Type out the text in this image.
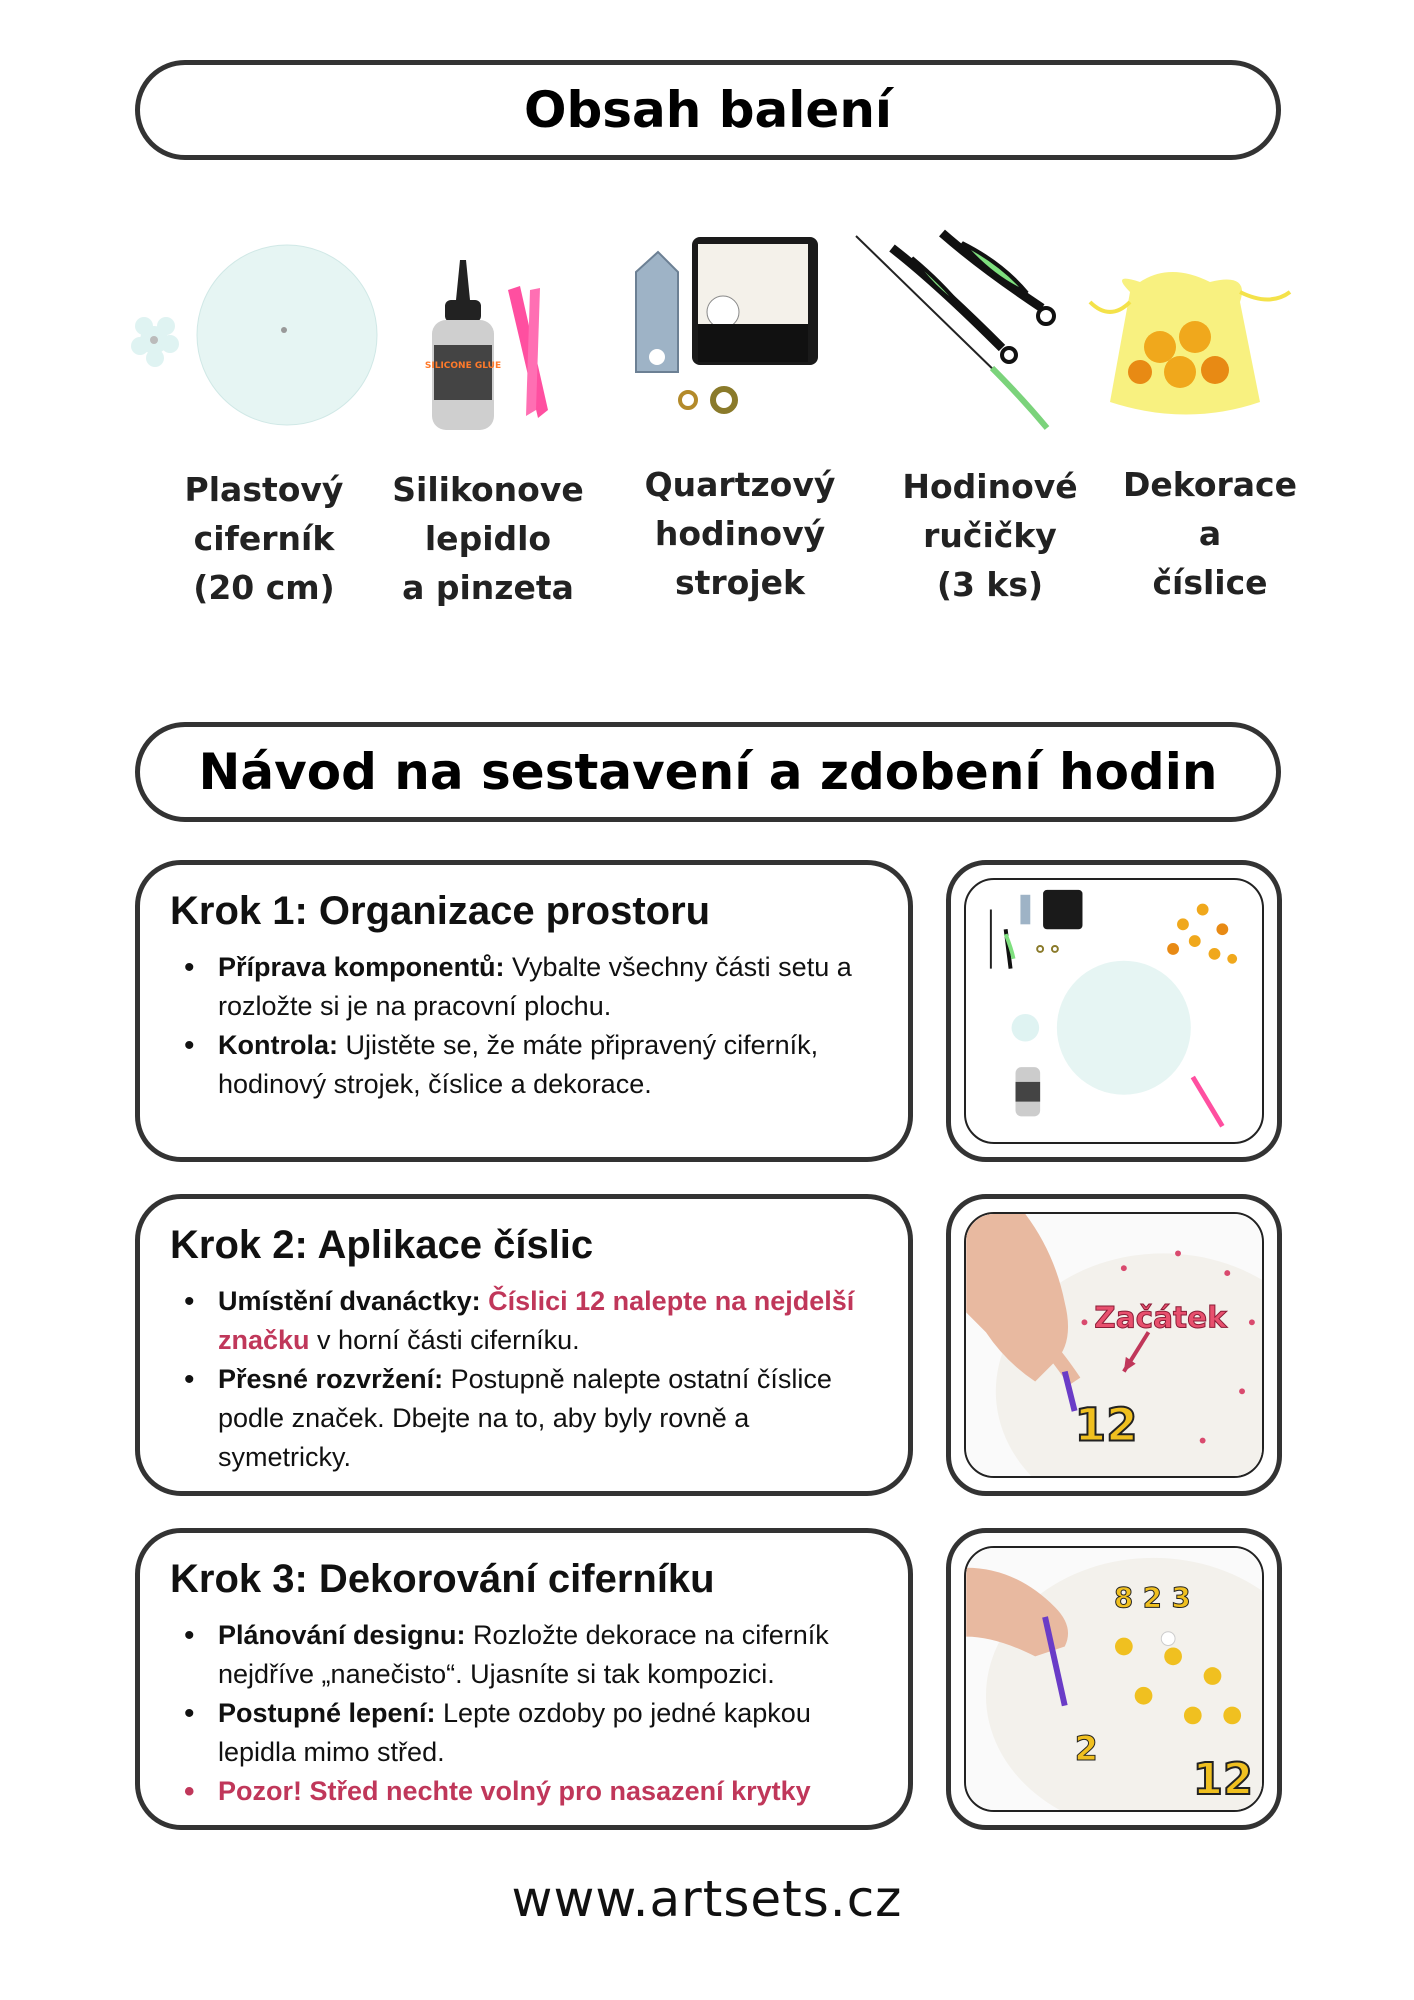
Obsah balení
SILICONE GLUE
Plastový
ciferník
(20 cm)
Silikonove
lepidlo
a pinzeta
Quartzový
hodinový
strojek
Hodinové
ručičky
(3 ks)
Dekorace
a
číslice
Návod na sestavení a zdobení hodin
Krok 1: Organizace prostoru
• Příprava komponentů: Vybalte všechny části setu a rozložte si je na pracovní plochu.
• Kontrola: Ujistěte se, že máte připravený ciferník, hodinový strojek, číslice a dekorace.
Krok 2: Aplikace číslic
• Umístění dvanáctky: Číslici 12 nalepte na nejdelší značku v horní části ciferníku.
• Přesné rozvržení: Postupně nalepte ostatní číslice podle značek. Dbejte na to, aby byly rovně a symetricky.
12
Začátek
Krok 3: Dekorování ciferníku
• Plánování designu: Rozložte dekorace na ciferník nejdříve „nanečisto“. Ujasníte si tak kompozici.
• Postupné lepení: Lepte ozdoby po jedné kapkou lepidla mimo střed.
• Pozor! Střed nechte volný pro nasazení krytky
8 2 3
12
2
www.artsets.cz
